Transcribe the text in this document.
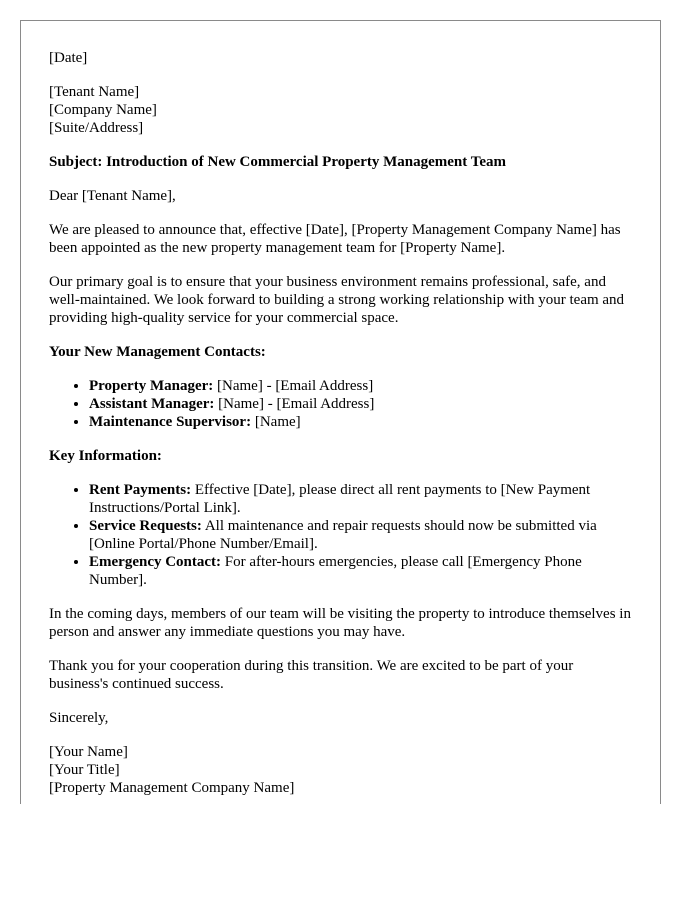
[Date]

[Tenant Name]
[Company Name]
[Suite/Address]

Subject: Introduction of New Commercial Property Management Team

Dear [Tenant Name],

We are pleased to announce that, effective [Date], [Property Management Company Name] has been appointed as the new property management team for [Property Name].

Our primary goal is to ensure that your business environment remains professional, safe, and well-maintained. We look forward to building a strong working relationship with your team and providing high-quality service for your commercial space.

Your New Management Contacts:

• Property Manager: [Name] - [Email Address]
• Assistant Manager: [Name] - [Email Address]
• Maintenance Supervisor: [Name]

Key Information:

• Rent Payments: Effective [Date], please direct all rent payments to [New Payment Instructions/Portal Link].
• Service Requests: All maintenance and repair requests should now be submitted via [Online Portal/Phone Number/Email].
• Emergency Contact: For after-hours emergencies, please call [Emergency Phone Number].

In the coming days, members of our team will be visiting the property to introduce themselves in person and answer any immediate questions you may have.

Thank you for your cooperation during this transition. We are excited to be part of your business's continued success.

Sincerely,

[Your Name]
[Your Title]
[Property Management Company Name]
